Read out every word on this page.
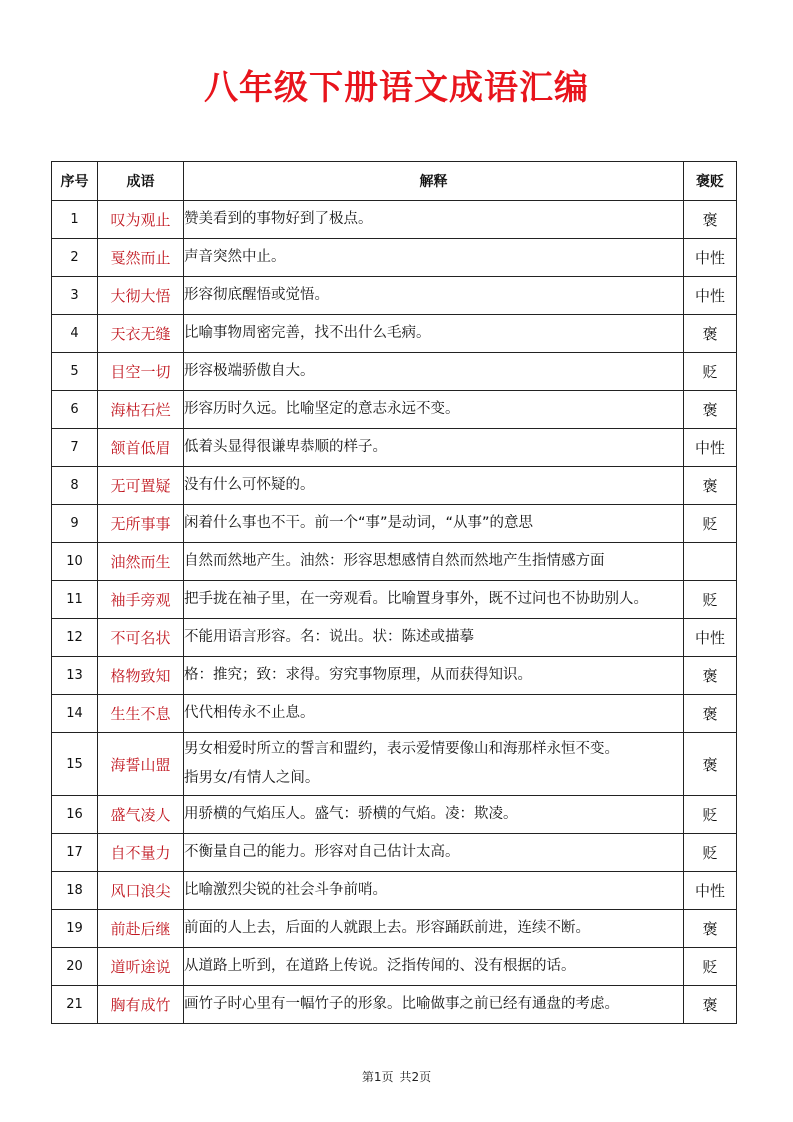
八年级下册语文成语汇编
序号	成语	解释	褒贬
1	叹为观止	赞美看到的事物好到了极点。	褒
2	戛然而止	声音突然中止。	中性
3	大彻大悟	形容彻底醒悟或觉悟。	中性
4	天衣无缝	比喻事物周密完善，找不出什么毛病。	褒
5	目空一切	形容极端骄傲自大。	贬
6	海枯石烂	形容历时久远。比喻坚定的意志永远不变。	褒
7	颔首低眉	低着头显得很谦卑恭顺的样子。	中性
8	无可置疑	没有什么可怀疑的。	褒
9	无所事事	闲着什么事也不干。前一个“事”是动词，“从事”的意思	贬
10	油然而生	自然而然地产生。油然：形容思想感情自然而然地产生指情感方面	

11	袖手旁观	把手拢在袖子里，在一旁观看。比喻置身事外，既不过问也不协助别人。	贬
12	不可名状	不能用语言形容。名：说出。状：陈述或描摹	中性
13	格物致知	格：推究；致：求得。穷究事物原理，从而获得知识。	褒
14	生生不息	代代相传永不止息。	褒
15	海誓山盟	男女相爱时所立的誓言和盟约，表示爱情要像山和海那样永恒不变。
指男女/有情人之间。	褒
16	盛气凌人	用骄横的气焰压人。盛气：骄横的气焰。凌：欺凌。	贬
17	自不量力	不衡量自己的能力。形容对自己估计太高。	贬
18	风口浪尖	比喻激烈尖锐的社会斗争前哨。	中性
19	前赴后继	前面的人上去，后面的人就跟上去。形容踊跃前进，连续不断。	褒
20	道听途说	从道路上听到，在道路上传说。泛指传闻的、没有根据的话。	贬
21	胸有成竹	画竹子时心里有一幅竹子的形象。比喻做事之前已经有通盘的考虑。	褒
第1页 共2页
